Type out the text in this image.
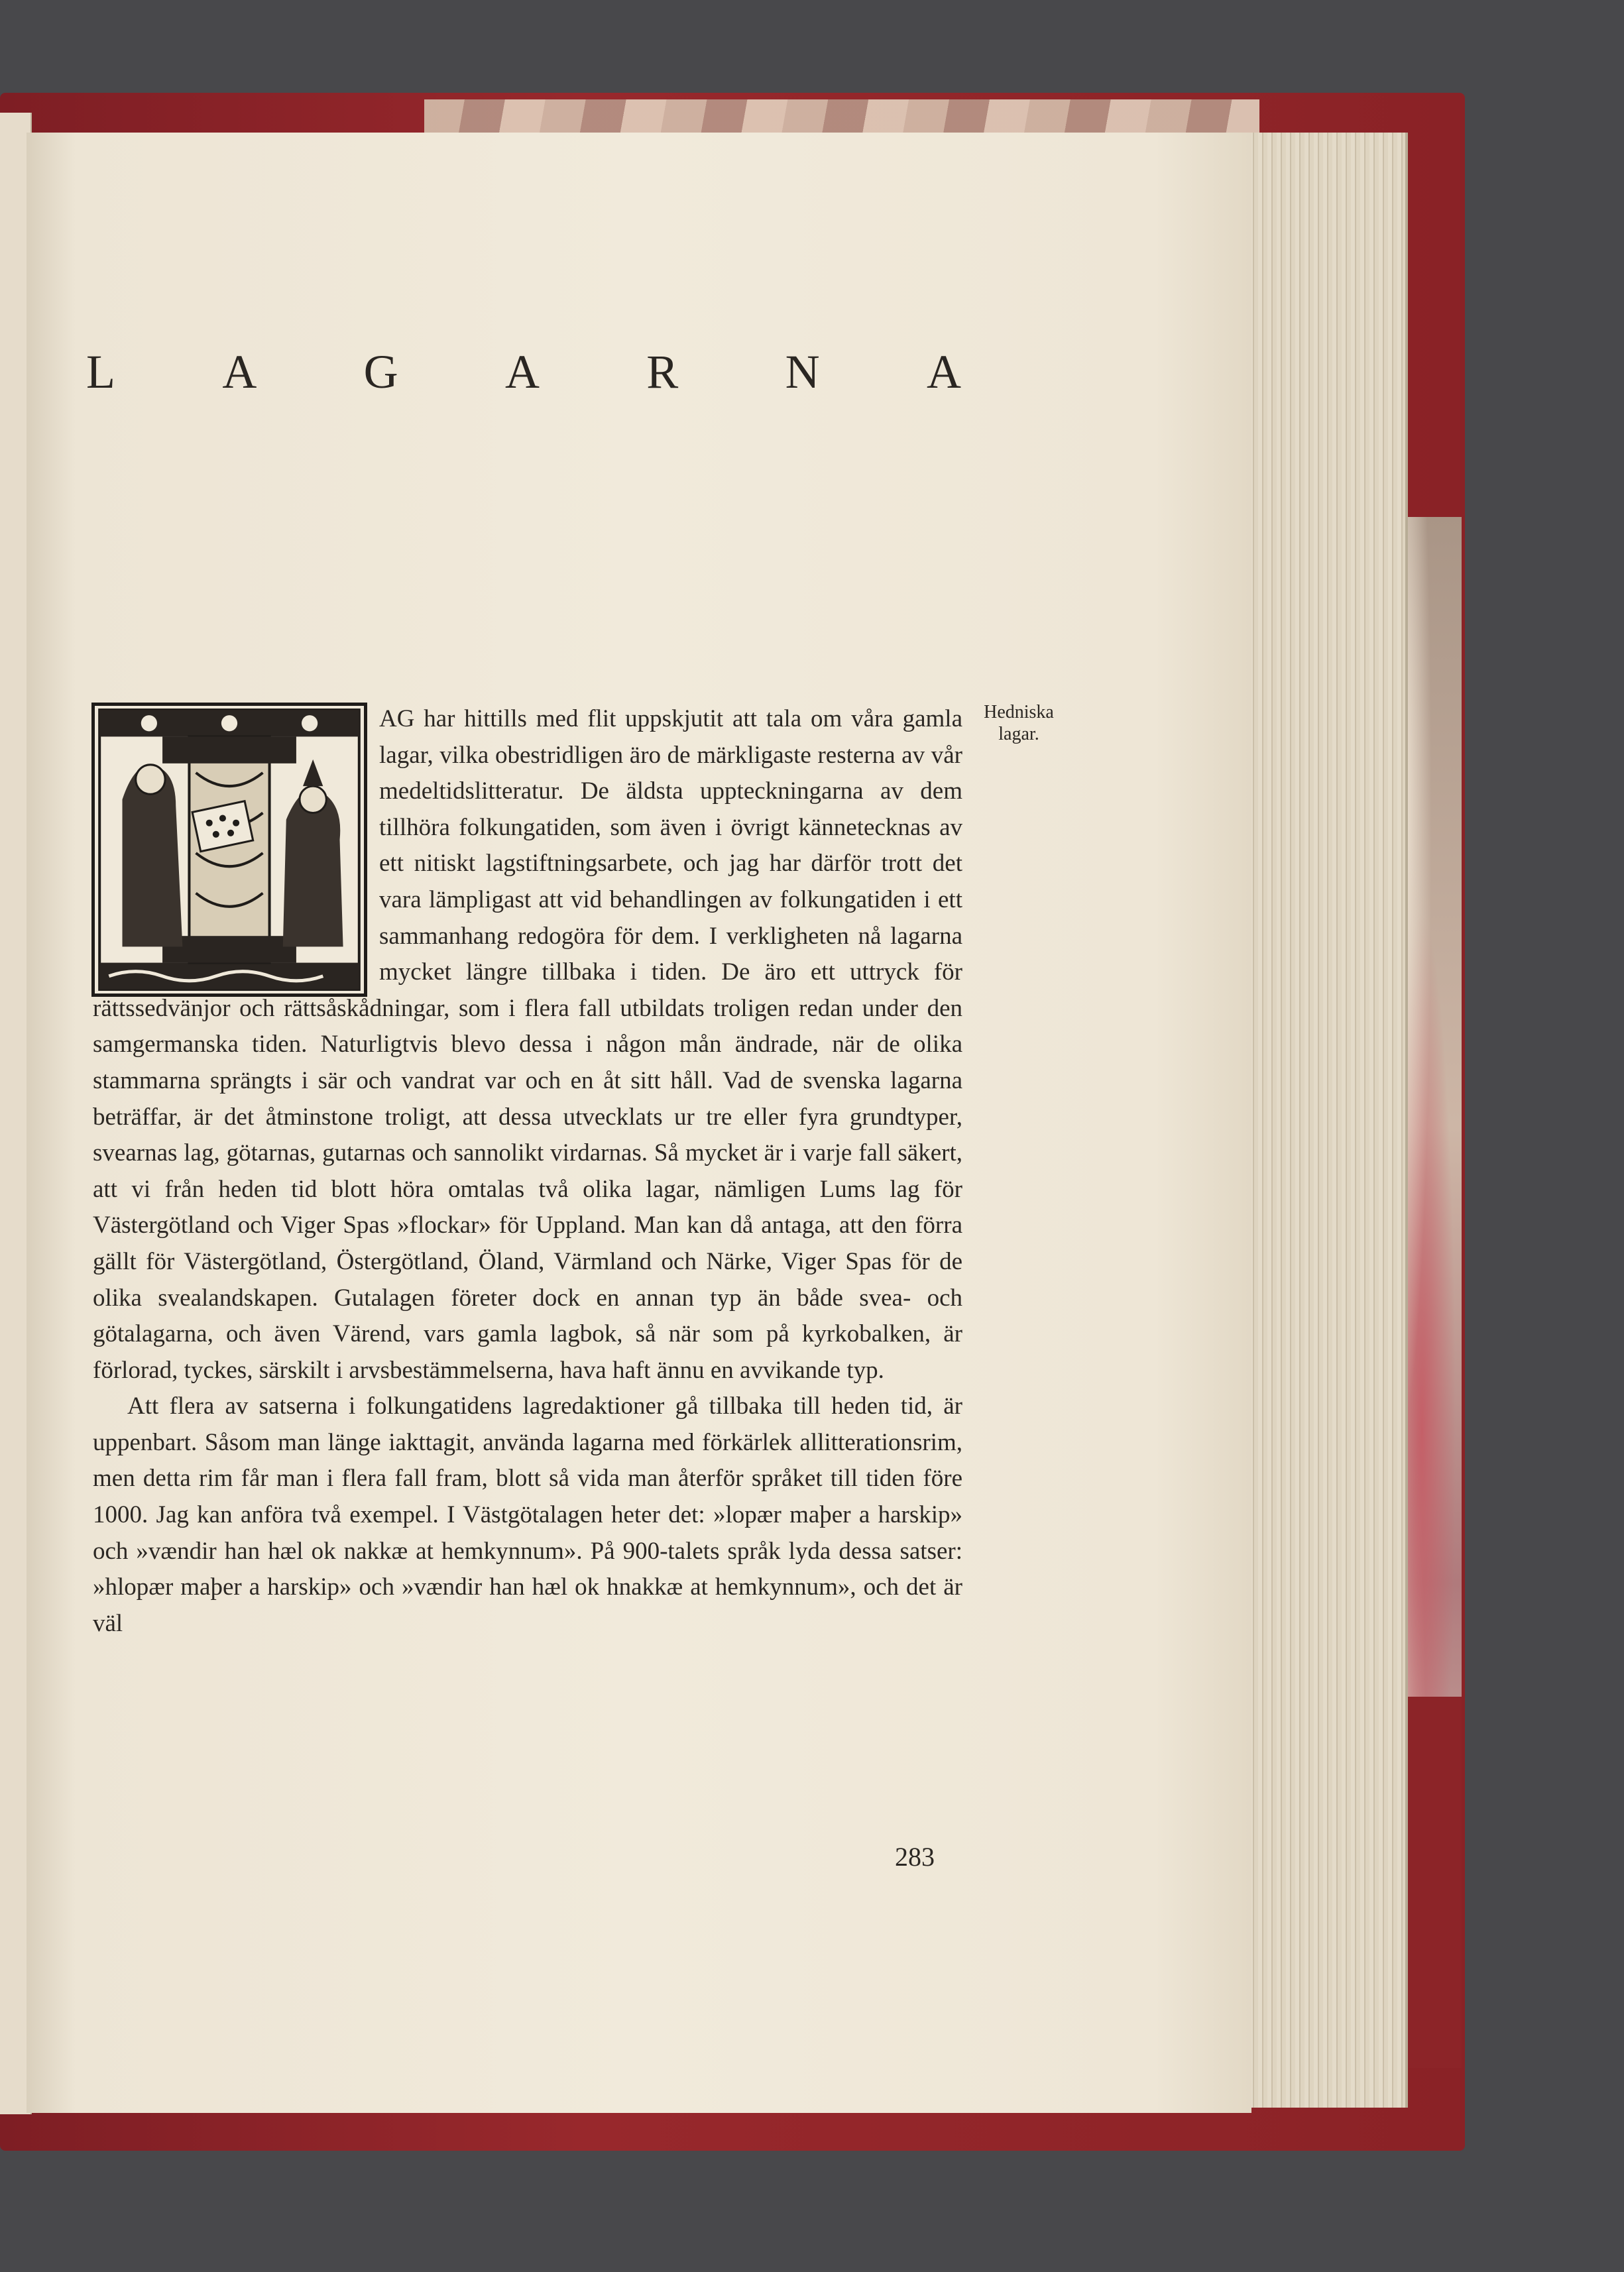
L A G A R N A
Hedniska lagar.

AG har hittills med flit uppskjutit att tala om våra gamla lagar, vilka obestridligen äro de märkligaste resterna av vår medeltidslitteratur. De äldsta uppteckningarna av dem tillhöra folkungatiden, som även i övrigt kännetecknas av ett nitiskt lagstiftningsarbete, och jag har därför trott det vara lämpligast att vid behandlingen av folkungatiden i ett sammanhang redogöra för dem. I verkligheten nå lagarna mycket längre tillbaka i tiden. De äro ett uttryck för rättssedvänjor och rättsåskådningar, som i flera fall utbildats troligen redan under den samgermanska tiden. Naturligtvis blevo dessa i någon mån ändrade, när de olika stammarna sprängts i sär och vandrat var och en åt sitt håll. Vad de svenska lagarna beträffar, är det åtminstone troligt, att dessa utvecklats ur tre eller fyra grundtyper, svearnas lag, götarnas, gutarnas och sannolikt virdarnas. Så mycket är i varje fall säkert, att vi från heden tid blott höra omtalas två olika lagar, nämligen Lums lag för Västergötland och Viger Spas »flockar» för Uppland. Man kan då antaga, att den förra gällt för Västergötland, Östergötland, Öland, Värmland och Närke, Viger Spas för de olika svealandskapen. Gutalagen företer dock en annan typ än både svea- och götalagarna, och även Värend, vars gamla lagbok, så när som på kyrkobalken, är förlorad, tyckes, särskilt i arvsbestämmelserna, hava haft ännu en avvikande typ.

Att flera av satserna i folkungatidens lagredaktioner gå tillbaka till heden tid, är uppenbart. Såsom man länge iakttagit, använda lagarna med förkärlek allitterationsrim, men detta rim får man i flera fall fram, blott så vida man återför språket till tiden före 1000. Jag kan anföra två exempel. I Västgötalagen heter det: »lopær maþer a harskip» och »vændir han hæl ok nakkæ at hemkynnum». På 900-talets språk lyda dessa satser: »hlopær maþer a harskip» och »vændir han hæl ok hnakkæ at hemkynnum», och det är väl

283
